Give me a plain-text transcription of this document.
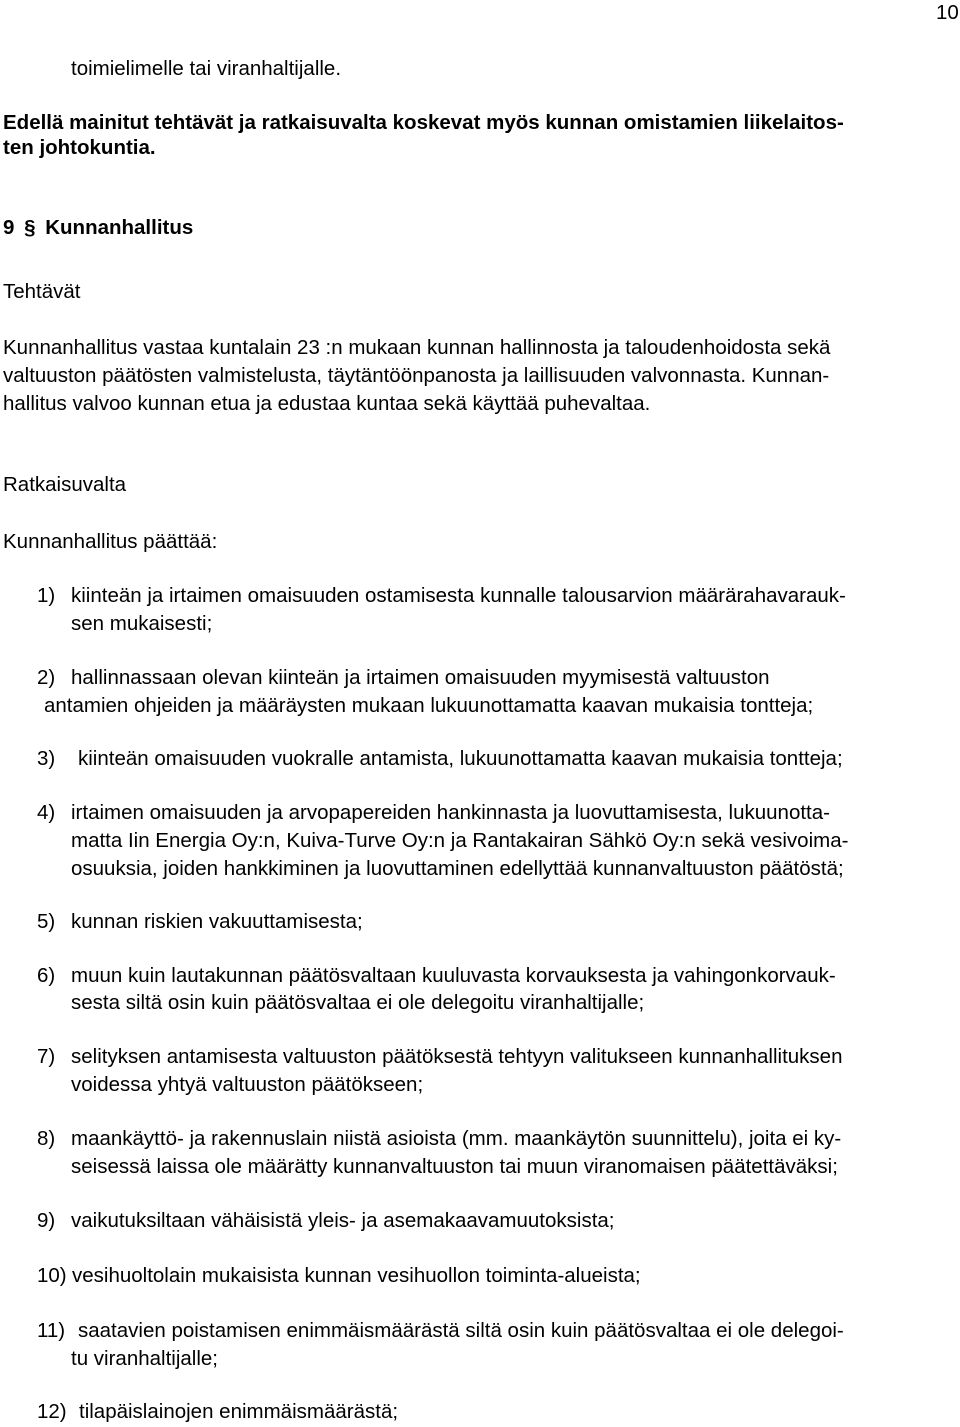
10

toimielimelle tai viranhaltijalle.

Edellä mainitut tehtävät ja ratkaisuvalta koskevat myös kunnan omistamien liikelaitos-

ten johtokuntia.

9 § Kunnanhallitus

Tehtävät

Kunnanhallitus vastaa kuntalain 23 :n mukaan kunnan hallinnosta ja taloudenhoidosta sekä

valtuuston päätösten valmistelusta, täytäntöönpanosta ja laillisuuden valvonnasta. Kunnan-

hallitus valvoo kunnan etua ja edustaa kuntaa sekä käyttää puhevaltaa.

Ratkaisuvalta

Kunnanhallitus päättää:

1) kiinteän ja irtaimen omaisuuden ostamisesta kunnalle talousarvion määrärahavarauk-

sen mukaisesti;

2) hallinnassaan olevan kiinteän ja irtaimen omaisuuden myymisestä valtuuston

antamien ohjeiden ja määräysten mukaan lukuunottamatta kaavan mukaisia tontteja;

3) kiinteän omaisuuden vuokralle antamista, lukuunottamatta kaavan mukaisia tontteja;

4) irtaimen omaisuuden ja arvopapereiden hankinnasta ja luovuttamisesta, lukuunotta-

matta Iin Energia Oy:n, Kuiva-Turve Oy:n ja Rantakairan Sähkö Oy:n sekä vesivoima-

osuuksia, joiden hankkiminen ja luovuttaminen edellyttää kunnanvaltuuston päätöstä;

5) kunnan riskien vakuuttamisesta;

6) muun kuin lautakunnan päätösvaltaan kuuluvasta korvauksesta ja vahingonkorvauk-

sesta siltä osin kuin päätösvaltaa ei ole delegoitu viranhaltijalle;

7) selityksen antamisesta valtuuston päätöksestä tehtyyn valitukseen kunnanhallituksen

voidessa yhtyä valtuuston päätökseen;

8) maankäyttö- ja rakennuslain niistä asioista (mm. maankäytön suunnittelu), joita ei ky-

seisessä laissa ole määrätty kunnanvaltuuston tai muun viranomaisen päätettäväksi;

9) vaikutuksiltaan vähäisistä yleis- ja asemakaavamuutoksista;

10) vesihuoltolain mukaisista kunnan vesihuollon toiminta-alueista;

11) saatavien poistamisen enimmäismäärästä siltä osin kuin päätösvaltaa ei ole delegoi-

tu viranhaltijalle;

12) tilapäislainojen enimmäismäärästä;
